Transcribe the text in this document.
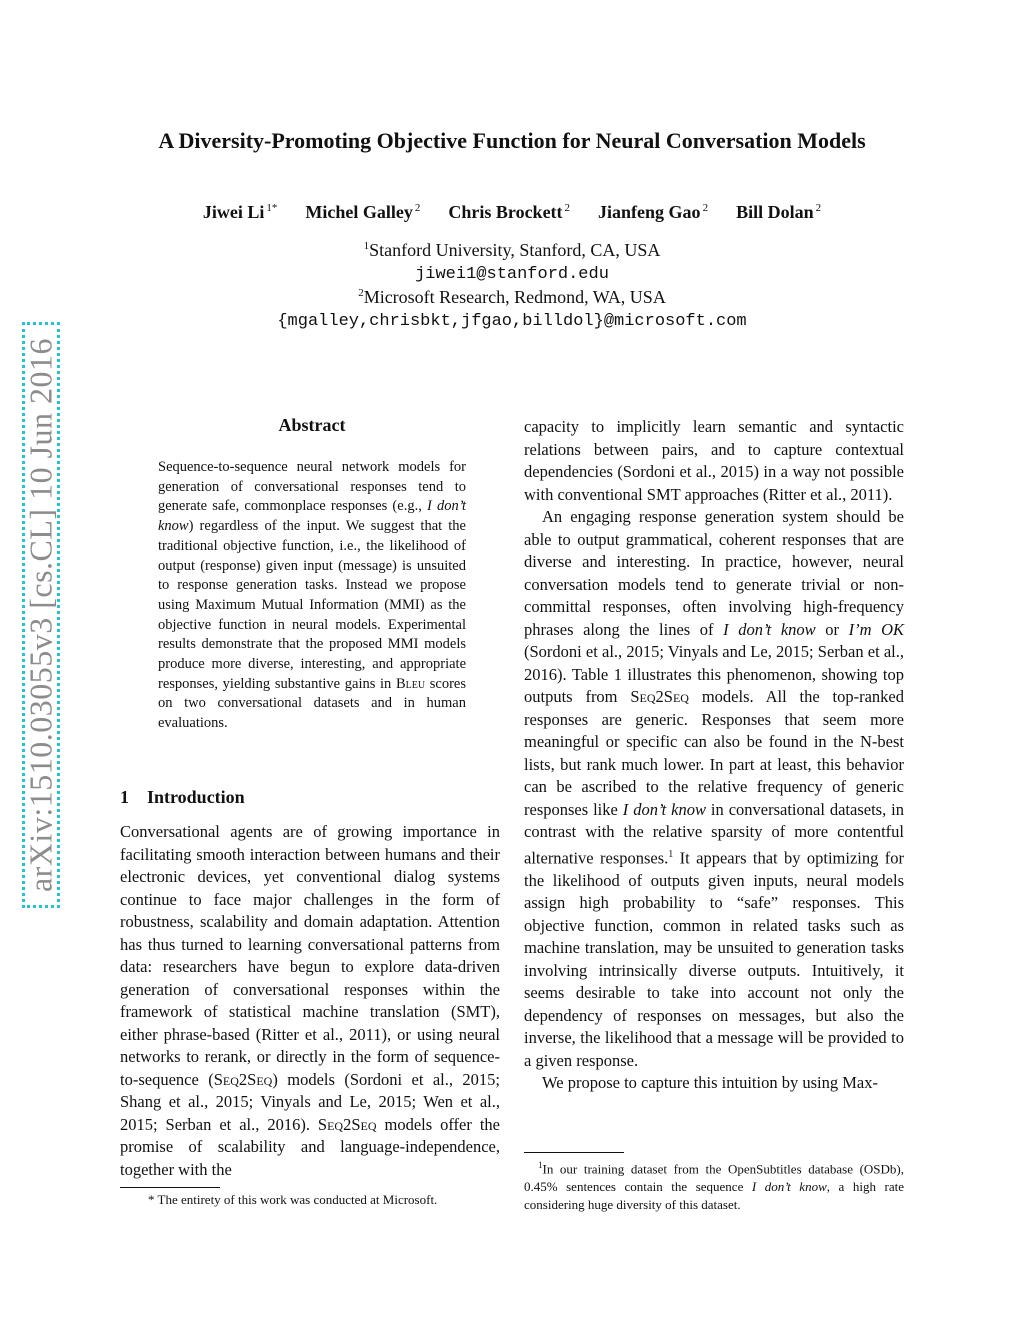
arXiv:1510.03055v3 [cs.CL] 10 Jun 2016
A Diversity-Promoting Objective Function for Neural Conversation Models
Jiwei Li $^{1*}$ Michel Galley $^2$ Chris Brockett $^2$ Jianfeng Gao $^2$ Bill Dolan $^2$
$^1$Stanford University, Stanford, CA, USA
jiwei1@stanford.edu
$^2$Microsoft Research, Redmond, WA, USA
{mgalley,chrisbkt,jfgao,billdol}@microsoft.com
Abstract
Sequence-to-sequence neural network models for generation of conversational responses tend to generate safe, commonplace responses (e.g., I don’t know) regardless of the input. We suggest that the traditional objective function, i.e., the likelihood of output (response) given input (message) is unsuited to response generation tasks. Instead we propose using Maximum Mutual Information (MMI) as the objective function in neural models. Experimental results demonstrate that the proposed MMI models produce more diverse, interesting, and appropriate responses, yielding substantive gains in Bleu scores on two conversational datasets and in human evaluations.
1 Introduction

Conversational agents are of growing importance in facilitating smooth interaction between humans and their electronic devices, yet conventional dialog systems continue to face major challenges in the form of robustness, scalability and domain adaptation. Attention has thus turned to learning conversational patterns from data: researchers have begun to explore data-driven generation of conversational responses within the framework of statistical machine translation (SMT), either phrase-based (Ritter et al., 2011), or using neural networks to rerank, or directly in the form of sequence-to-sequence (Seq2Seq) models (Sordoni et al., 2015; Shang et al., 2015; Vinyals and Le, 2015; Wen et al., 2015; Serban et al., 2016). Seq2Seq models offer the promise of scalability and language-independence, together with the

* The entirety of this work was conducted at Microsoft.

capacity to implicitly learn semantic and syntactic relations between pairs, and to capture contextual dependencies (Sordoni et al., 2015) in a way not possible with conventional SMT approaches (Ritter et al., 2011).

An engaging response generation system should be able to output grammatical, coherent responses that are diverse and interesting. In practice, however, neural conversation models tend to generate trivial or non-committal responses, often involving high-frequency phrases along the lines of I don’t know or I’m OK (Sordoni et al., 2015; Vinyals and Le, 2015; Serban et al., 2016). Table 1 illustrates this phenomenon, showing top outputs from Seq2Seq models. All the top-ranked responses are generic. Responses that seem more meaningful or specific can also be found in the N-best lists, but rank much lower. In part at least, this behavior can be ascribed to the relative frequency of generic responses like I don’t know in conversational datasets, in contrast with the relative sparsity of more contentful alternative responses.$^1$ It appears that by optimizing for the likelihood of outputs given inputs, neural models assign high probability to “safe” responses. This objective function, common in related tasks such as machine translation, may be unsuited to generation tasks involving intrinsically diverse outputs. Intuitively, it seems desirable to take into account not only the dependency of responses on messages, but also the inverse, the likelihood that a message will be provided to a given response.

We propose to capture this intuition by using Max-

$^1$In our training dataset from the OpenSubtitles database (OSDb), 0.45% sentences contain the sequence I don’t know, a high rate considering huge diversity of this dataset.
